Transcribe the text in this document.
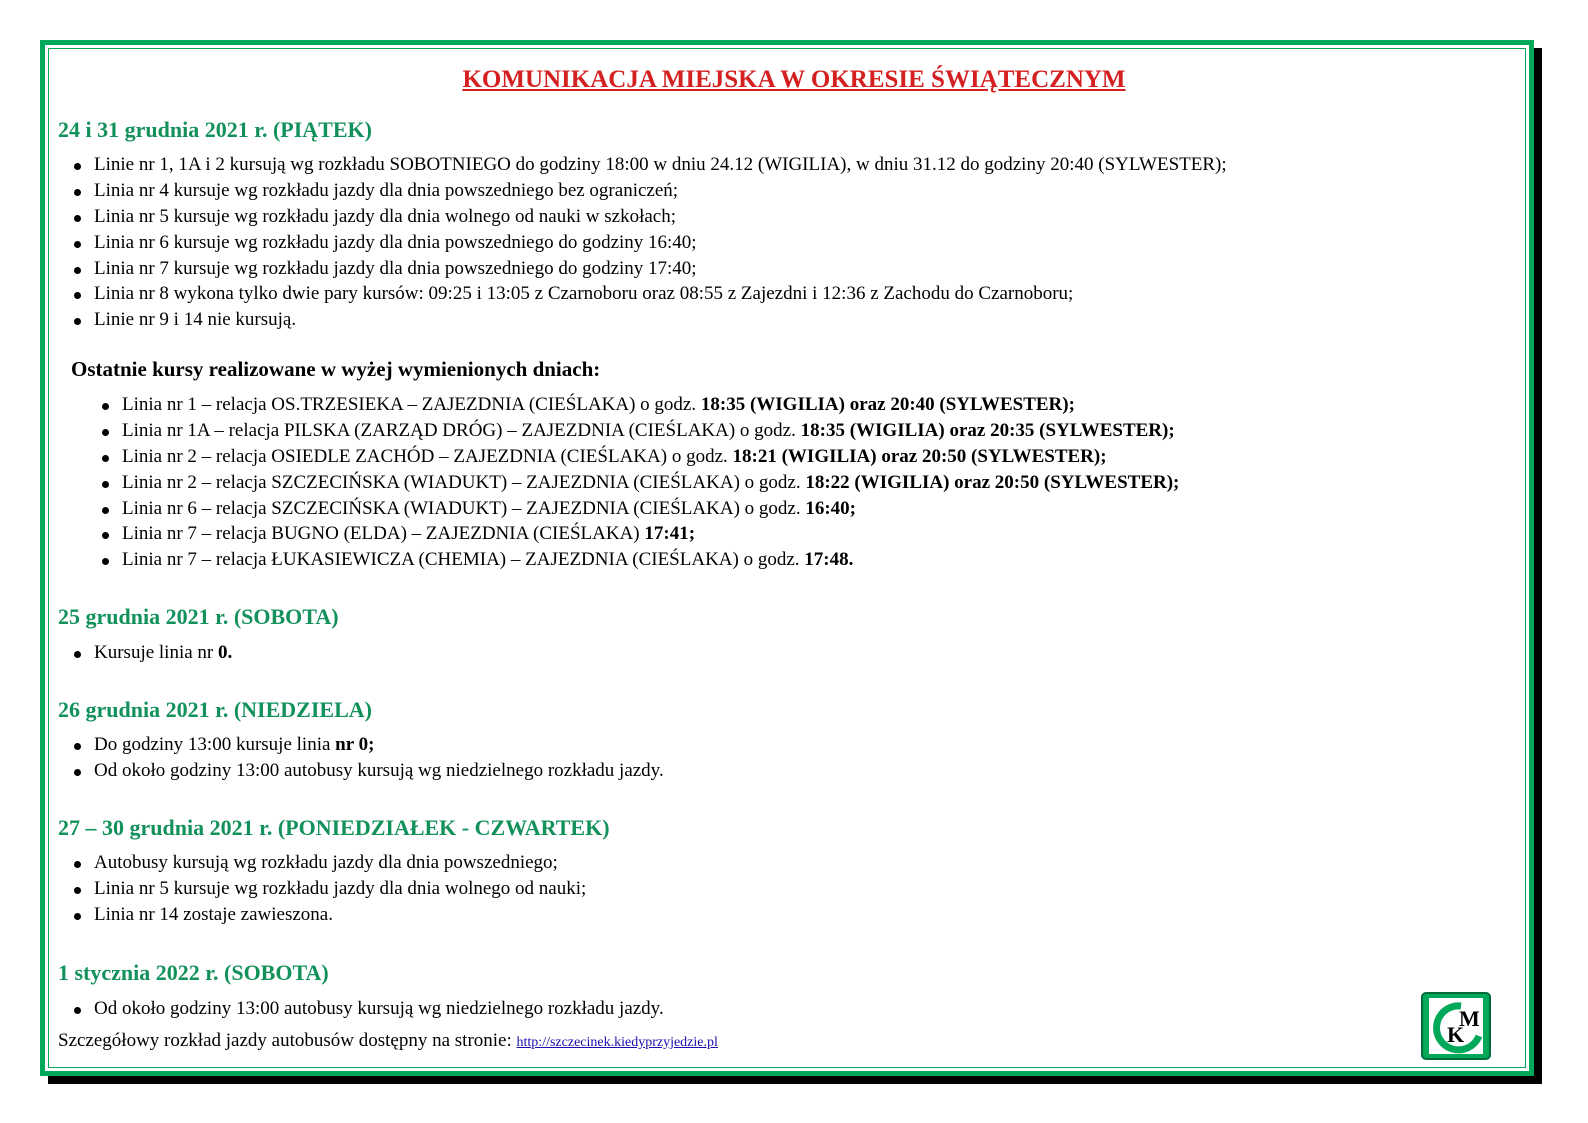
KOMUNIKACJA MIEJSKA W OKRESIE ŚWIĄTECZNYM
24 i 31 grudnia 2021 r. (PIĄTEK)
Linie nr 1, 1A i 2 kursują wg rozkładu SOBOTNIEGO do godziny 18:00 w dniu 24.12 (WIGILIA), w dniu 31.12 do godziny 20:40 (SYLWESTER);
Linia nr 4 kursuje wg rozkładu jazdy dla dnia powszedniego bez ograniczeń;
Linia nr 5 kursuje wg rozkładu jazdy dla dnia wolnego od nauki w szkołach;
Linia nr 6 kursuje wg rozkładu jazdy dla dnia powszedniego do godziny 16:40;
Linia nr 7 kursuje wg rozkładu jazdy dla dnia powszedniego do godziny 17:40;
Linia nr 8 wykona tylko dwie pary kursów: 09:25 i 13:05 z Czarnoboru oraz 08:55 z Zajezdni i 12:36 z Zachodu do Czarnoboru;
Linie nr 9 i 14 nie kursują.
Ostatnie kursy realizowane w wyżej wymienionych dniach:
Linia nr 1 – relacja OS.TRZESIEKA – ZAJEZDNIA (CIEŚLAKA) o godz. 18:35 (WIGILIA) oraz 20:40 (SYLWESTER);
Linia nr 1A – relacja PILSKA (ZARZĄD DRÓG) – ZAJEZDNIA (CIEŚLAKA) o godz. 18:35 (WIGILIA) oraz 20:35 (SYLWESTER);
Linia nr 2 – relacja OSIEDLE ZACHÓD – ZAJEZDNIA (CIEŚLAKA) o godz. 18:21 (WIGILIA) oraz 20:50 (SYLWESTER);
Linia nr 2 – relacja SZCZECIŃSKA (WIADUKT) – ZAJEZDNIA (CIEŚLAKA) o godz. 18:22 (WIGILIA) oraz 20:50 (SYLWESTER);
Linia nr 6 – relacja SZCZECIŃSKA (WIADUKT) – ZAJEZDNIA (CIEŚLAKA) o godz. 16:40;
Linia nr 7 – relacja BUGNO (ELDA) – ZAJEZDNIA (CIEŚLAKA) 17:41;
Linia nr 7 – relacja ŁUKASIEWICZA (CHEMIA) – ZAJEZDNIA (CIEŚLAKA) o godz. 17:48.
25 grudnia 2021 r. (SOBOTA)
Kursuje linia nr 0.
26 grudnia 2021 r. (NIEDZIELA)
Do godziny 13:00 kursuje linia nr 0;
Od około godziny 13:00 autobusy kursują wg niedzielnego rozkładu jazdy.
27 – 30 grudnia 2021 r. (PONIEDZIAŁEK - CZWARTEK)
Autobusy kursują wg rozkładu jazdy dla dnia powszedniego;
Linia nr 5 kursuje wg rozkładu jazdy dla dnia wolnego od nauki;
Linia nr 14 zostaje zawieszona.
1 stycznia 2022 r. (SOBOTA)
Od około godziny 13:00 autobusy kursują wg niedzielnego rozkładu jazdy.
Szczegółowy rozkład jazdy autobusów dostępny na stronie: http://szczecinek.kiedyprzyjedzie.pl	K
M
